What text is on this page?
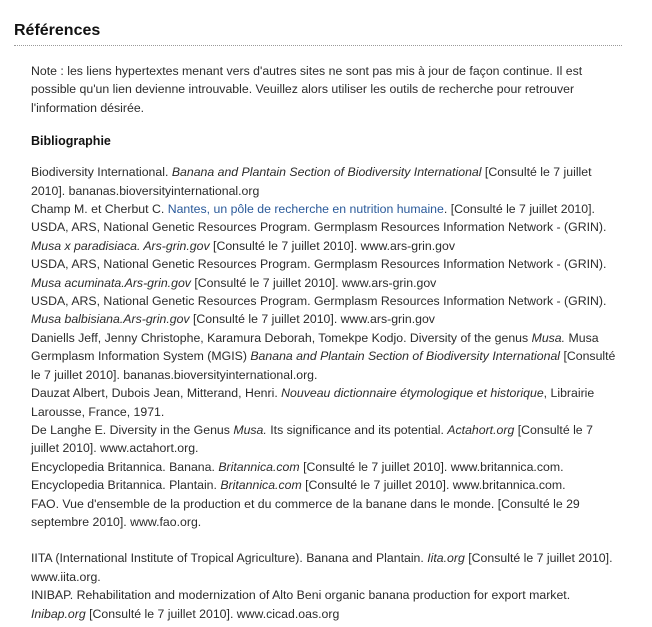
Références

Note : les liens hypertextes menant vers d'autres sites ne sont pas mis à jour de façon continue. Il est

possible qu'un lien devienne introuvable. Veuillez alors utiliser les outils de recherche pour retrouver

l'information désirée.

Bibliographie

Biodiversity International. Banana and Plantain Section of Biodiversity International [Consulté le 7 juillet

2010]. bananas.bioversityinternational.org

Champ M. et Cherbut C. Nantes, un pôle de recherche en nutrition humaine. [Consulté le 7 juillet 2010].

USDA, ARS, National Genetic Resources Program. Germplasm Resources Information Network - (GRIN).

Musa x paradisiaca. Ars-grin.gov [Consulté le 7 juillet 2010]. www.ars-grin.gov

USDA, ARS, National Genetic Resources Program. Germplasm Resources Information Network - (GRIN).

Musa acuminata.Ars-grin.gov [Consulté le 7 juillet 2010]. www.ars-grin.gov

USDA, ARS, National Genetic Resources Program. Germplasm Resources Information Network - (GRIN).

Musa balbisiana.Ars-grin.gov [Consulté le 7 juillet 2010]. www.ars-grin.gov

Daniells Jeff, Jenny Christophe, Karamura Deborah, Tomekpe Kodjo. Diversity of the genus Musa. Musa

Germplasm Information System (MGIS) Banana and Plantain Section of Biodiversity International [Consulté

le 7 juillet 2010]. bananas.bioversityinternational.org.

Dauzat Albert, Dubois Jean, Mitterand, Henri. Nouveau dictionnaire étymologique et historique, Librairie

Larousse, France, 1971.

De Langhe E. Diversity in the Genus Musa. Its significance and its potential. Actahort.org [Consulté le 7

juillet 2010]. www.actahort.org.

Encyclopedia Britannica. Banana. Britannica.com [Consulté le 7 juillet 2010]. www.britannica.com.

Encyclopedia Britannica. Plantain. Britannica.com [Consulté le 7 juillet 2010]. www.britannica.com.

FAO. Vue d'ensemble de la production et du commerce de la banane dans le monde. [Consulté le 29

septembre 2010]. www.fao.org.

IITA (International Institute of Tropical Agriculture). Banana and Plantain. Iita.org [Consulté le 7 juillet 2010].

www.iita.org.

INIBAP. Rehabilitation and modernization of Alto Beni organic banana production for export market.

Inibap.org [Consulté le 7 juillet 2010]. www.cicad.oas.org
